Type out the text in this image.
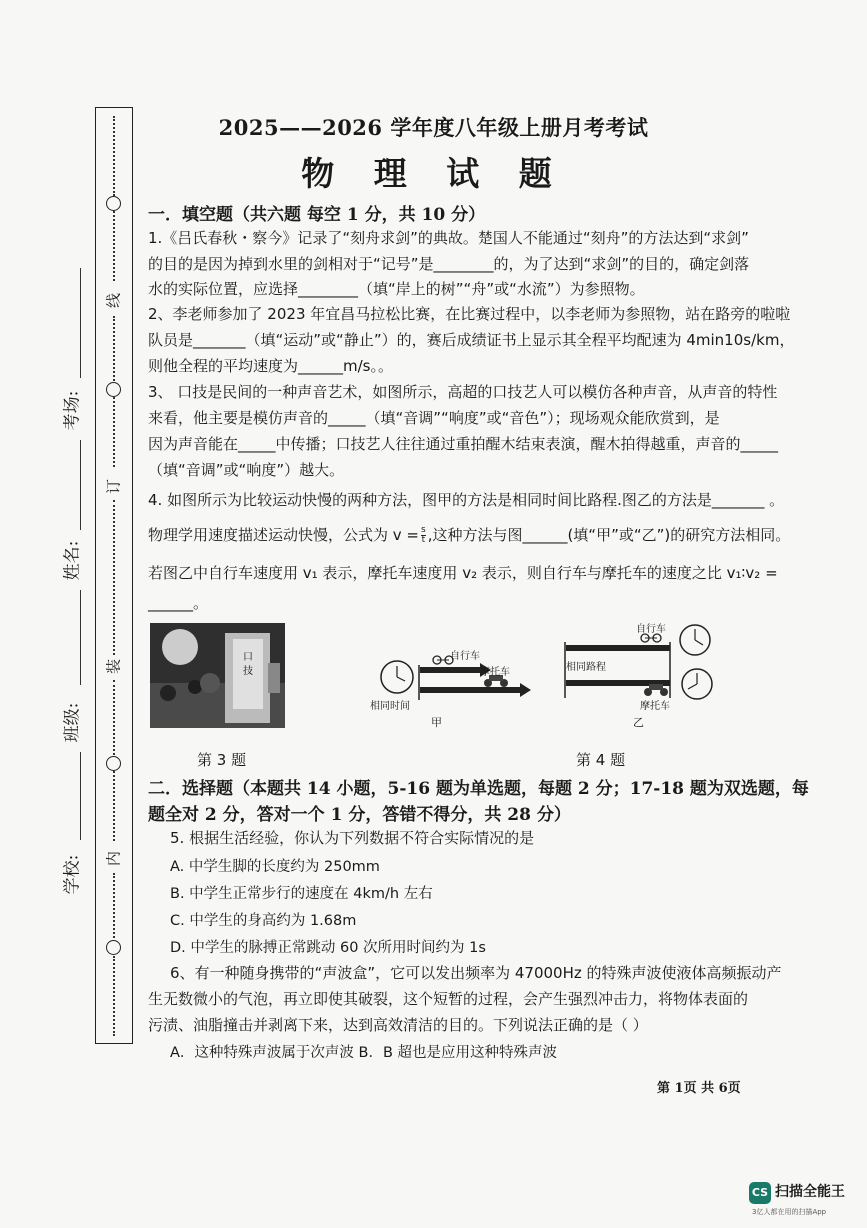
线
订
装
内
学校:
班级:
姓名:
考场:
2025——2026 学年度八年级上册月考考试
物 理 试 题
一．填空题（共六题 每空 1 分，共 10 分）
1.《吕氏春秋・察今》记录了“刻舟求剑”的典故。楚国人不能通过“刻舟”的方法达到“求剑”
的目的是因为掉到水里的剑相对于“记号”是________的，为了达到“求剑”的目的，确定剑落
水的实际位置，应选择________（填“岸上的树”“舟”或“水流”）为参照物。
2、李老师参加了 2023 年宜昌马拉松比赛，在比赛过程中，以李老师为参照物，站在路旁的啦啦
队员是_______（填“运动”或“静止”）的，赛后成绩证书上显示其全程平均配速为 4min10s/km，
则他全程的平均速度为______m/s。。
3、 口技是民间的一种声音艺术，如图所示，高超的口技艺人可以模仿各种声音，从声音的特性
来看，他主要是模仿声音的_____（填“音调”“响度”或“音色”）；现场观众能欣赏到，是
因为声音能在_____中传播；口技艺人往往通过重拍醒木结束表演，醒木拍得越重，声音的_____
（填“音调”或“响度”）越大。
4. 如图所示为比较运动快慢的两种方法，图甲的方法是相同时间比路程.图乙的方法是_______ 。
物理学用速度描述运动快慢，公式为 $v = \frac{s}{t}$ ,这种方法与图______(填“甲”或“乙”)的研究方法相同。
若图乙中自行车速度用 v₁ 表示，摩托车速度用 v₂ 表示，则自行车与摩托车的速度之比 v₁∶v₂ =
______。
口 技
第 3 题
自行车
摩托车
相同时间
甲
自行车
相同路程
摩托车
乙
第 4 题
二．选择题（本题共 14 小题，5-16 题为单选题，每题 2 分；17-18 题为双选题，每
题全对 2 分，答对一个 1 分，答错不得分，共 28 分）
5. 根据生活经验，你认为下列数据不符合实际情况的是
A. 中学生脚的长度约为 250mm
B. 中学生正常步行的速度在 4km/h 左右
C. 中学生的身高约为 1.68m
D. 中学生的脉搏正常跳动 60 次所用时间约为 1s
6、有一种随身携带的“声波盒”，它可以发出频率为 47000Hz 的特殊声波使液体高频振动产
生无数微小的气泡，再立即使其破裂，这个短暂的过程，会产生强烈冲击力，将物体表面的
污渍、油脂撞击并剥离下来，达到高效清洁的目的。下列说法正确的是（ ）
A．这种特殊声波属于次声波 B．B 超也是应用这种特殊声波
第 1页 共 6页
CS 扫描全能王
3亿人都在用的扫描App
